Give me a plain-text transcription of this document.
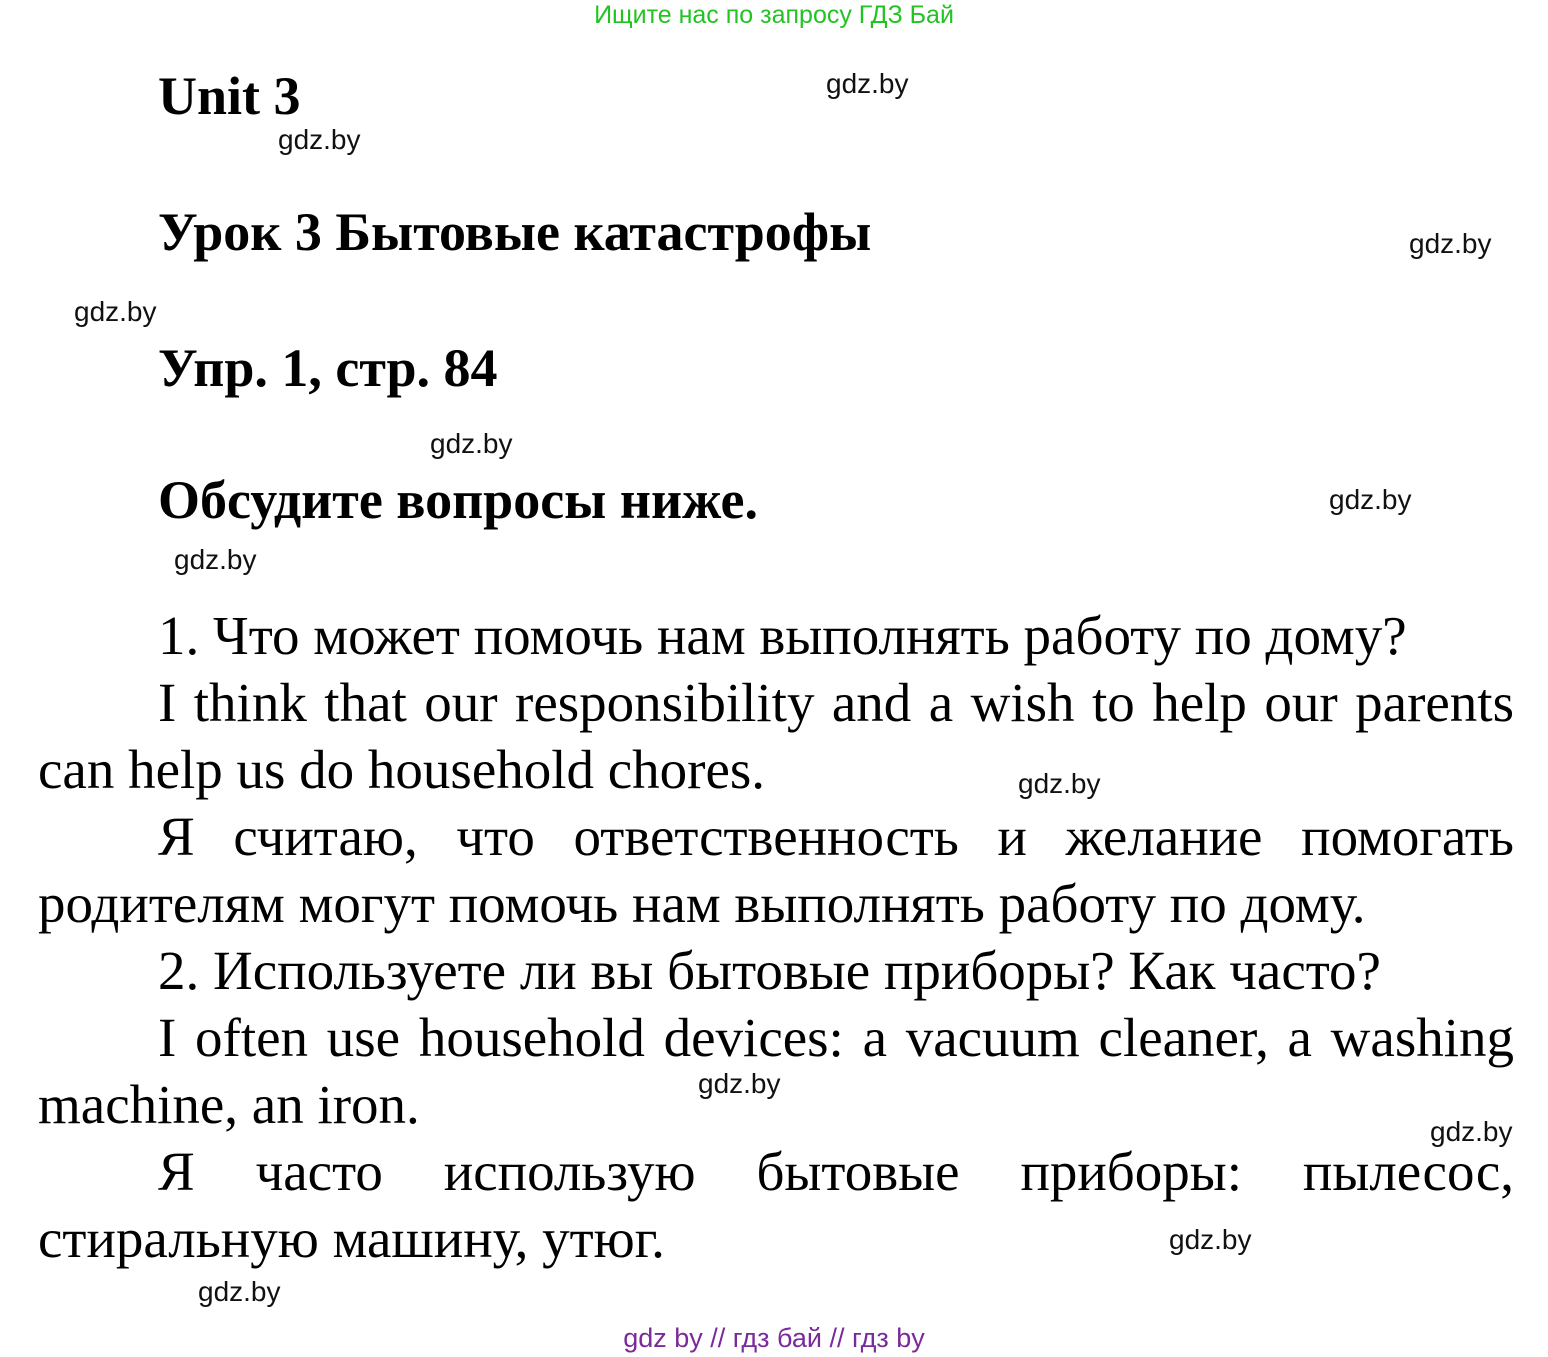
Ищите нас по запросу ГДЗ Бай
Unit 3
Урок 3 Бытовые катастрофы
Упр. 1, стр. 84
Обсудите вопросы ниже.

1. Что может помочь нам выполнять работу по дому?

I think that our responsibility and a wish to help our parents can help us do household chores.

Я считаю, что ответственность и желание помогать родителям могут помочь нам выполнять работу по дому.

2. Используете ли вы бытовые приборы? Как часто?

I often use household devices: a vacuum cleaner, a washing machine, an iron.

Я часто использую бытовые приборы: пылесос, стиральную машину, утюг.

gdz.by
gdz.by
gdz.by
gdz.by
gdz.by
gdz.by
gdz.by
gdz.by
gdz.by
gdz.by
gdz.by
gdz.by
gdz by // гдз бай // гдз by
